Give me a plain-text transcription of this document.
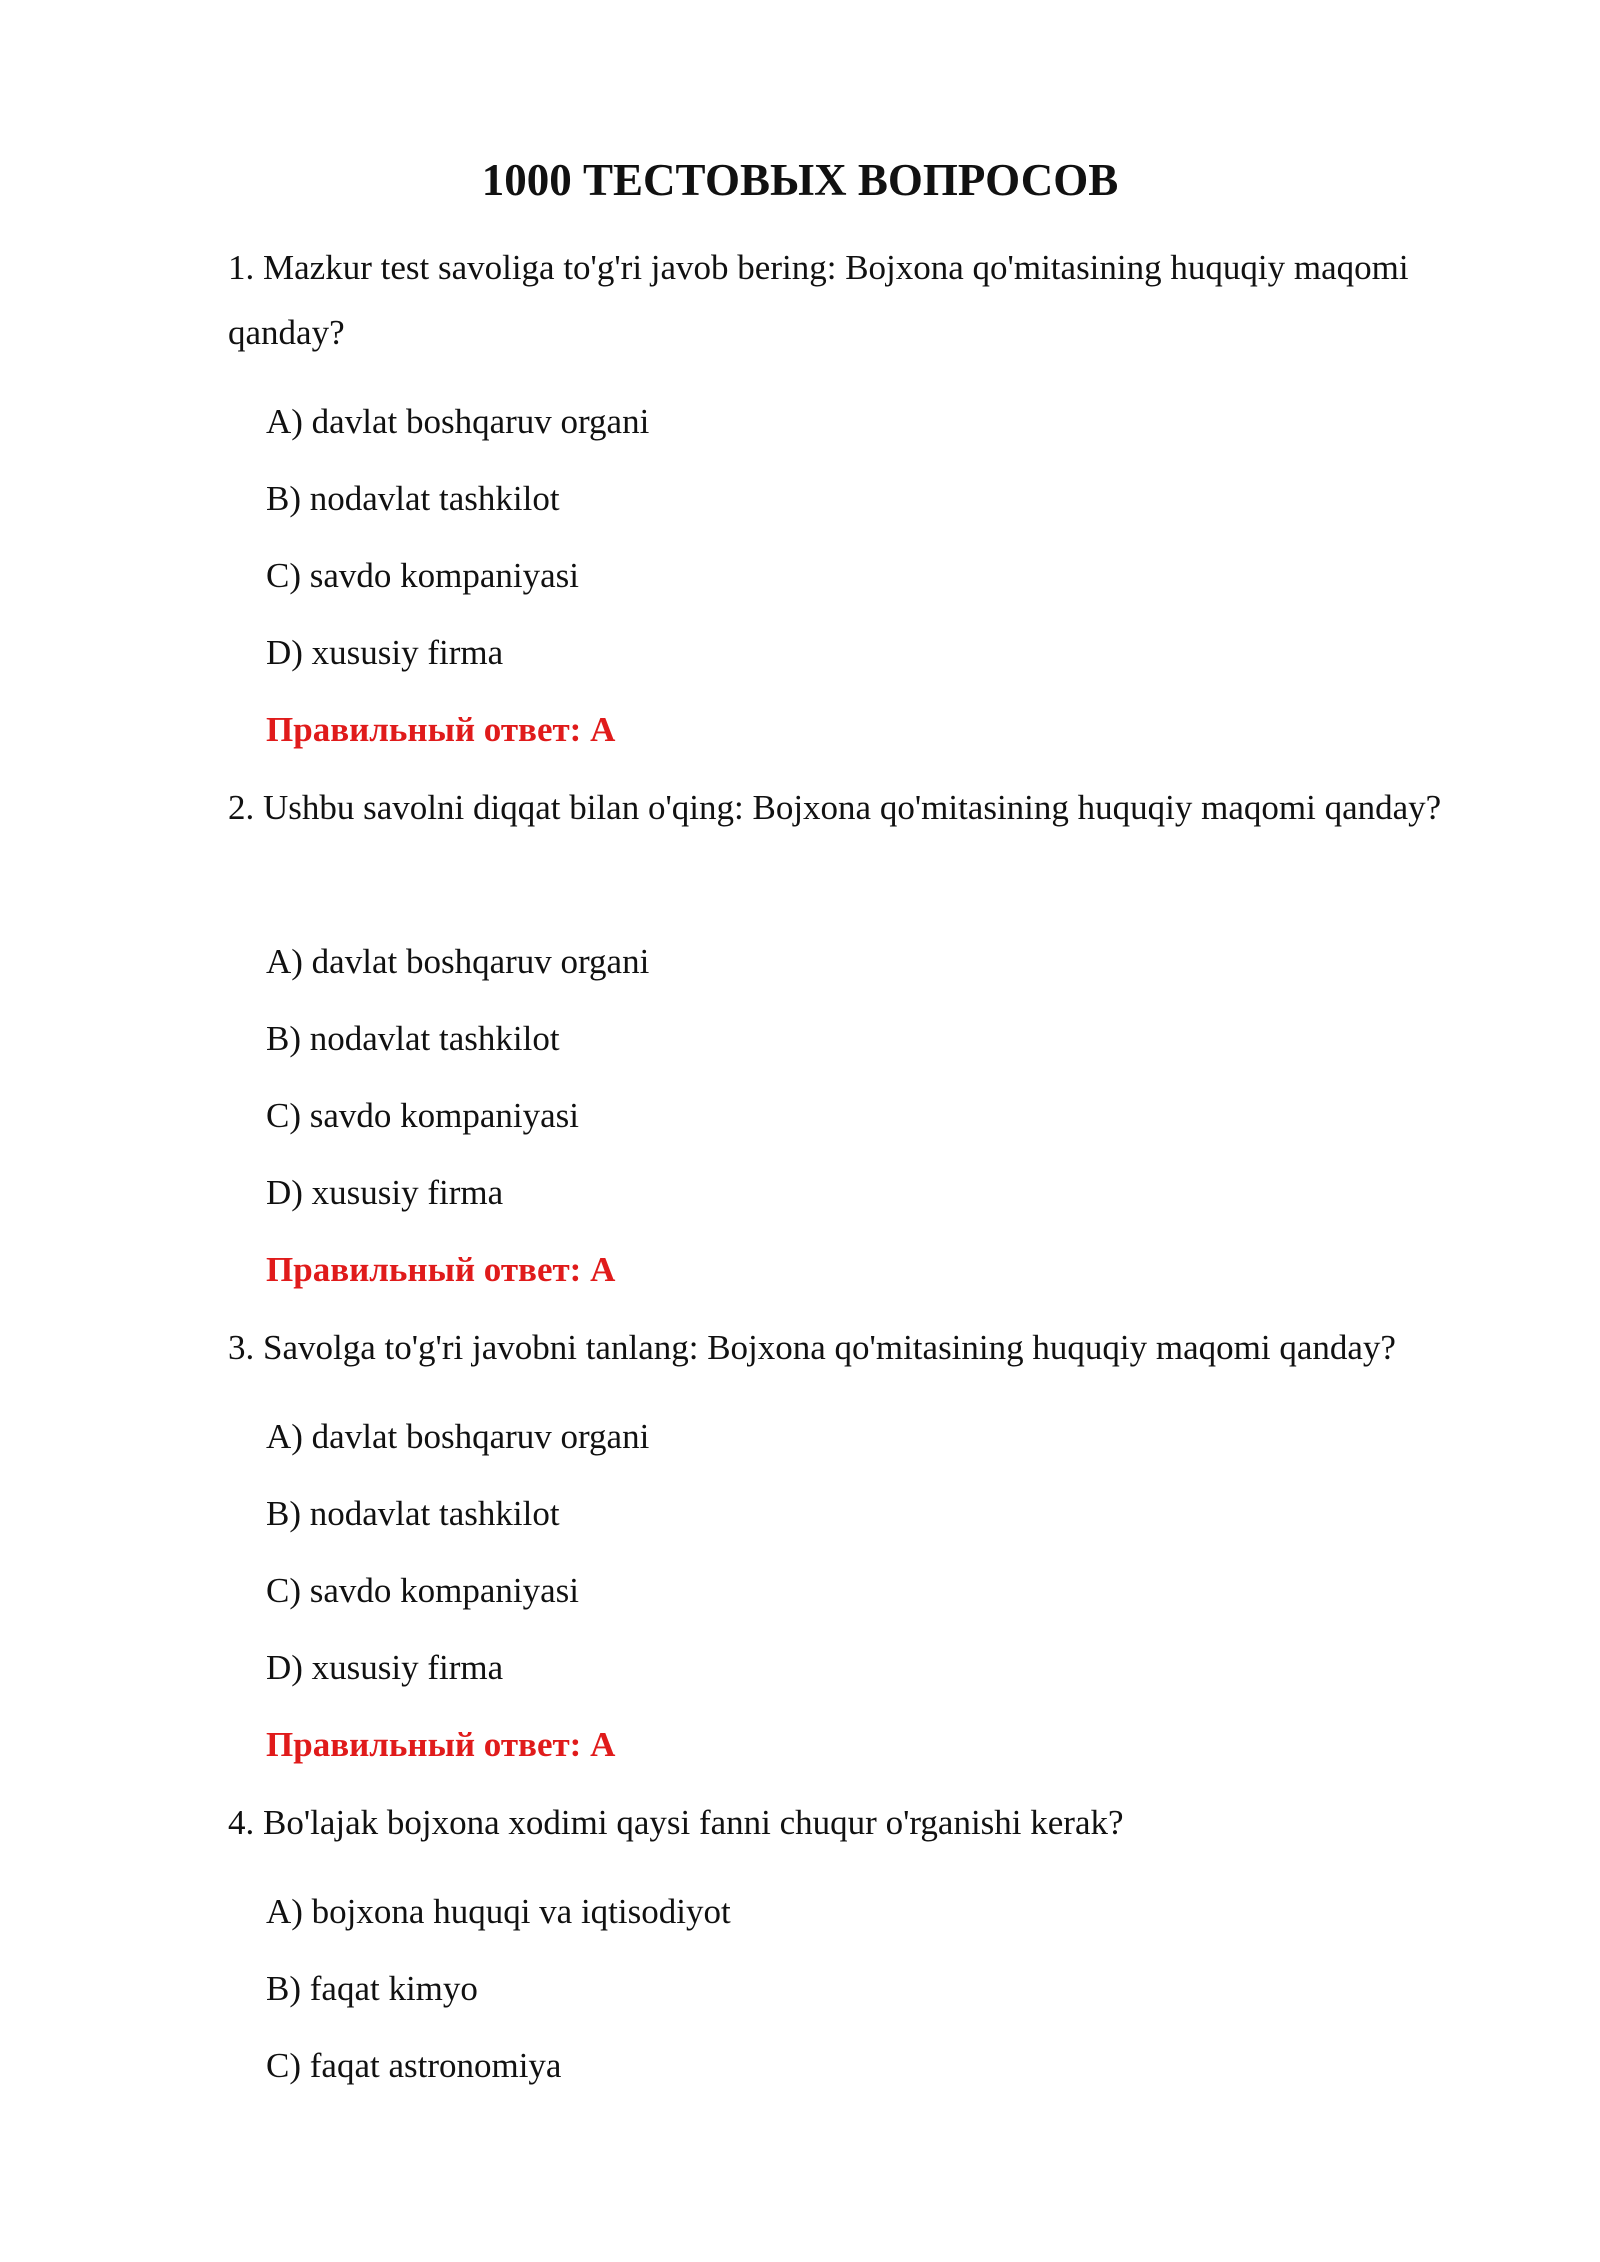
1000 ТЕСТОВЫХ ВОПРОСОВ
1. Mazkur test savoliga to'g'ri javob bering: Bojxona qo'mitasining huquqiy maqomi qanday?
A) davlat boshqaruv organi
B) nodavlat tashkilot
C) savdo kompaniyasi
D) xususiy firma
Правильный ответ: A
2. Ushbu savolni diqqat bilan o'qing: Bojxona qo'mitasining huquqiy maqomi qanday?
A) davlat boshqaruv organi
B) nodavlat tashkilot
C) savdo kompaniyasi
D) xususiy firma
Правильный ответ: A
3. Savolga to'g'ri javobni tanlang: Bojxona qo'mitasining huquqiy maqomi qanday?
A) davlat boshqaruv organi
B) nodavlat tashkilot
C) savdo kompaniyasi
D) xususiy firma
Правильный ответ: A
4. Bo'lajak bojxona xodimi qaysi fanni chuqur o'rganishi kerak?
A) bojxona huquqi va iqtisodiyot
B) faqat kimyo
C) faqat astronomiya
